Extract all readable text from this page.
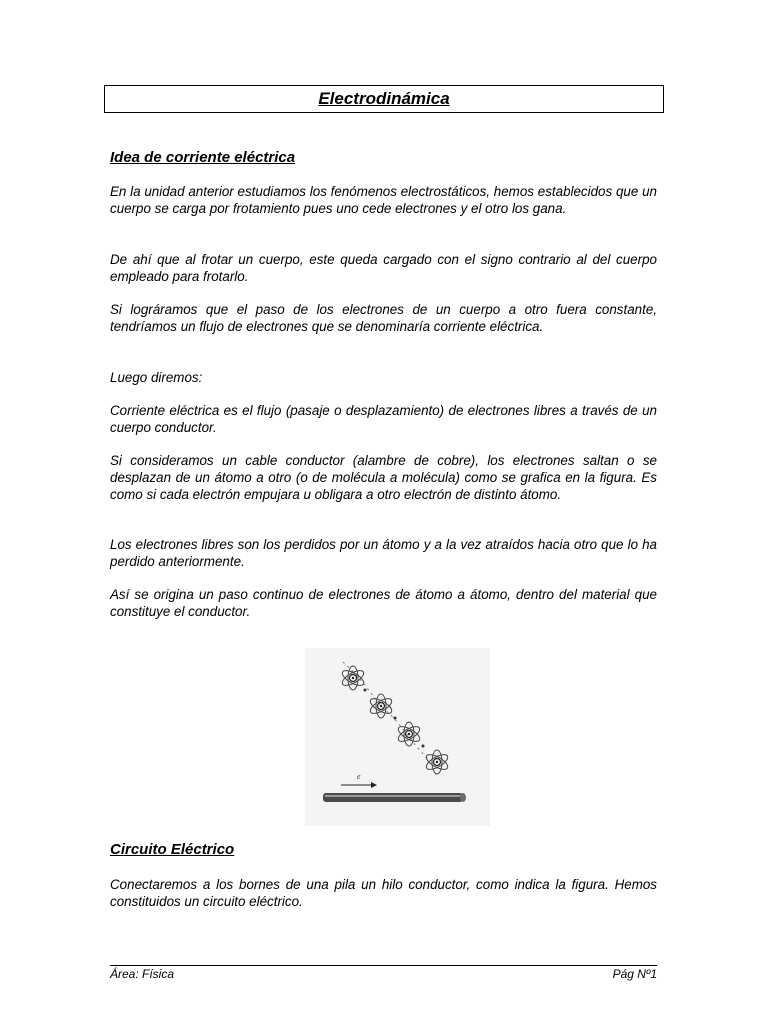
Electrodinámica
Idea de corriente eléctrica

En la unidad anterior estudiamos los fenómenos electrostáticos, hemos establecidos que un cuerpo se carga por frotamiento pues uno cede electrones y el otro los gana.

De ahí que al frotar un cuerpo, este queda cargado con el signo contrario al del cuerpo empleado para frotarlo.

Si lográramos que el paso de los electrones de un cuerpo a otro fuera constante, tendríamos un flujo de electrones que se denominaría corriente eléctrica.

Luego diremos:

Corriente eléctrica es el flujo (pasaje o desplazamiento) de electrones libres a través de un cuerpo conductor.

Si consideramos un cable conductor (alambre de cobre), los electrones saltan o se desplazan de un átomo a otro (o de molécula a molécula) como se grafica en la figura. Es como si cada electrón empujara u obligara a otro electrón de distinto átomo.

Los electrones libres son los perdidos por un átomo y a la vez atraídos hacia otro que lo ha perdido anteriormente.

Así se origina un paso continuo de electrones de átomo a átomo, dentro del material que constituye el conductor.

e
Circuito Eléctrico

Conectaremos a los bornes de una pila un hilo conductor, como indica la figura. Hemos constituidos un circuito eléctrico.

Área: Física	Pág Nº1
